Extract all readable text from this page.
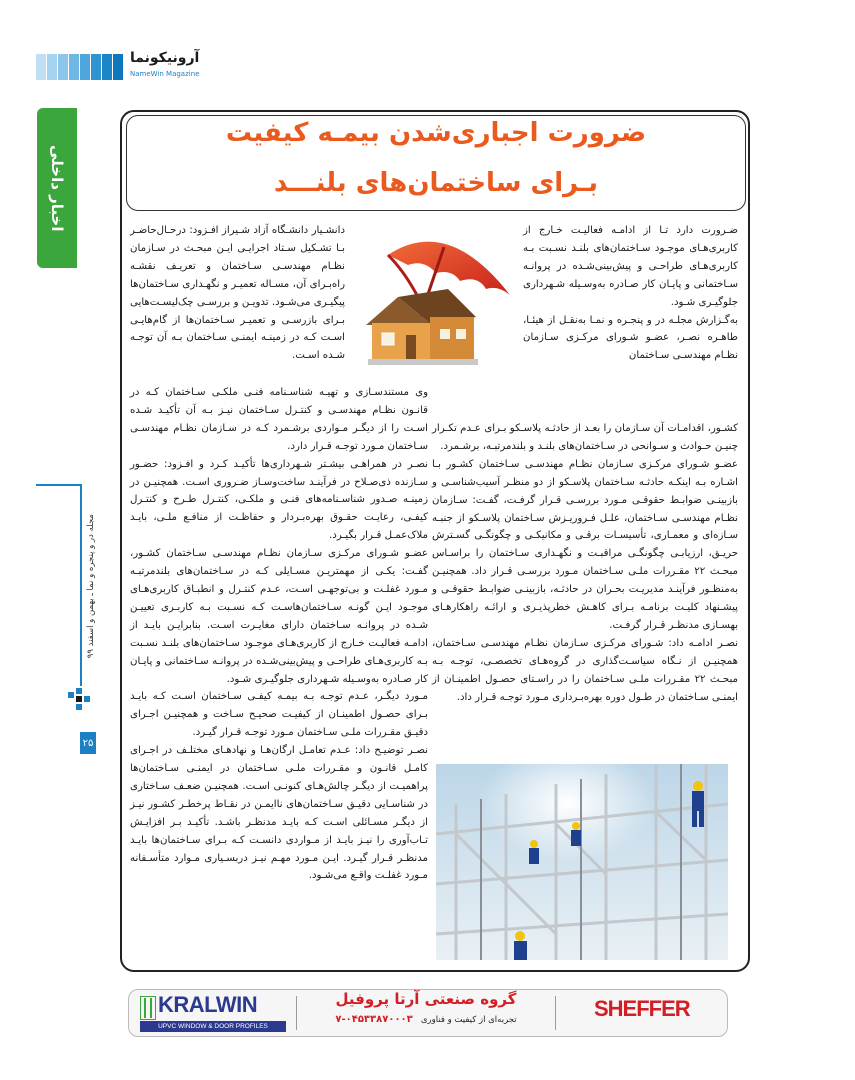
آرونیکونما
NameWin Magazine
اخبار داخلی
مجله در و پنجره و نما ـ بهمن و اسفند ۹۹
۲۵
ضرورت اجباری‌شدن بیمـه کیفیت
بـرای ساختمان‌های بلنـــد

ضـرورت دارد تـا از ادامـه فعالیـت خـارج از کاربری‌هـای موجـود سـاختمان‌های بلنـد نسـبت بـه کاربری‌هـای طراحـی و پیش‌بینی‌شـده در پروانـه سـاختمانی و پایـان کار صـادره به‌وسـیله شـهرداری جلوگیـری شـود.

به‌گـزارش مجلـه در و پنجـره و نمـا به‌نقـل از هیئـا، طاهـره نصـر، عضـو شـورای مرکـزی سـازمان نظـام مهندسـی سـاختمان

کشـور، اقدامـات آن سـازمان را بعـد از حادثـه پلاسـکو بـرای عـدم تکـرار چنیـن حـوادث و سـوانحی در سـاختمان‌های بلنـد و بلندمرتبـه، برشـمرد.

عضـو شـورای مرکـزی سـازمان نظـام مهندسـی سـاختمان کشـور بـا اشـاره بـه اینکـه حادثـه سـاختمان پلاسـکو از دو منظـر آسیب‌شناسـی و بازبینـی ضوابـط حقوقـی مـورد بررسـی قـرار گرفـت، گفـت: سـازمان نظـام مهندسـی سـاختمان، علـل فـروریـزش سـاختمان پلاسـکو از جنبـه سـازه‌ای و معمـاری، تأسیسـات برقـی و مکانیکـی و چگونگـی گسـترش حریـق، ارزیابـی چگونگـی مراقبـت و نگهـداری سـاختمان را براسـاس مبحـث ۲۲ مقـررات ملـی سـاختمان مـورد بررسـی قـرار داد. همچنیـن به‌منظـور فرآینـد مدیریـت بحـران در حادثـه، بازبینـی ضوابـط حقوقـی و پیشـنهاد کلیـت برنامـه بـرای کاهـش خطرپذیـری و ارائـه راهکارهـای بهسـازی مدنظـر قـرار گرفـت.

نصـر ادامـه داد: شـورای مرکـزی سـازمان نظـام مهندسـی سـاختمان، همچنیـن از نـگاه سیاسـت‌گذاری در گروه‌هـای تخصصـی، توجـه بـه مبحـث ۲۲ مقـررات ملـی سـاختمان را در راسـتای حصـول اطمینـان از ایمنـی سـاختمان در طـول دوره بهره‌بـرداری مـورد توجـه قـرار داد.

دانشـیار دانشـگاه آزاد شـیراز افـزود: درحـال‌حاضـر بـا تشـکیل سـتاد اجرایـی ایـن مبحـث در سـازمان نظـام مهندسـی سـاختمان و تعریـف نقشـه راه‌بـرای آن، مسـاله تعمیـر و نگهـداری سـاختمان‌ها پیگیـری می‌شـود. تدویـن و بررسـی چک‌لیسـت‌هایی بـرای بازرسـی و تعمیـر سـاختمان‌ها از گام‌هایـی اسـت کـه در زمینـه ایمنـی سـاختمان بـه آن توجـه شـده اسـت.

وی مستندسـازی و تهیـه شناسـنامه فنـی ملکـی سـاختمان کـه در قانـون نظـام مهندسـی و کنتـرل سـاختمان نیـز بـه آن تأکیـد شـده اسـت را از دیگـر مـواردی برشـمرد کـه در سـازمان نظـام مهندسـی سـاختمان مـورد توجـه قـرار دارد.

نصـر در همراهـی بیشـتر شـهرداری‌ها تأکیـد کـرد و افـزود: حضـور سـازنده ذی‌صـلاح در فرآینـد ساخت‌وسـاز ضـروری اسـت. همچنیـن در زمینـه صـدور شناسـنامه‌های فنـی و ملکـی، کنتـرل طـرح و کنتـرل کیفـی، رعایـت حقـوق بهره‌بـردار و حفاظـت از منافـع ملـی، بایـد ملاک‌عمـل قـرار بگیـرد.

عضـو شـورای مرکـزی سـازمان نظـام مهندسـی سـاختمان کشـور، گفـت: یکـی از مهمتریـن مسـایلی کـه در سـاختمان‌های بلندمرتبـه مـورد غفلـت و بی‌توجهـی اسـت، عـدم کنتـرل و انطبـاق کاربری‌هـای موجـود ایـن گونـه سـاختمان‌هاسـت کـه نسـبت بـه کاربـری تعییـن شـده در پروانـه سـاختمان دارای مغایـرت اسـت. بنابرایـن بایـد از ادامـه فعالیـت خـارج از کاربری‌هـای موجـود سـاختمان‌های بلنـد نسـبت بـه کاربری‌هـای طراحـی و پیش‌بینی‌شـده در پروانـه سـاختمانی و پایـان کار صـادره به‌وسـیله شـهرداری جلوگیـری شـود.

مـورد دیگـر، عـدم توجـه بـه بیمـه کیفـی سـاختمان اسـت کـه بایـد بـرای حصـول اطمینـان از کیفیـت صحیـح سـاخت و همچنیـن اجـرای دقیـق مقـررات ملـی سـاختمان مـورد توجـه قـرار گیـرد.

نصـر توضیـح داد: عـدم تعامـل ارگان‌هـا و نهادهـای مختلـف در اجـرای کامـل قانـون و مقـررات ملـی سـاختمان در ایمنـی سـاختمان‌ها پراهمیـت از دیگـر چالش‌هـای کنونـی اسـت. همچنیـن ضعـف سـاختاری در شناسـایی دقیـق سـاختمان‌های ناایمـن در نقـاط پرخطـر کشـور نیـز از دیگـر مسـائلی اسـت کـه بایـد مدنظـر باشـد. تأکیـد بـر افزایـش تـاب‌آوری را نیـز بایـد از مـواردی دانسـت کـه بـرای سـاختمان‌ها بایـد مدنظـر قـرار گیـرد. ایـن مـورد مهـم نیـز دربسـیاری مـوارد متأسـفانه مـورد غفلـت واقـع می‌شـود.

KRALWIN
UPVC WINDOW & DOOR PROFILES
گروه صنعتی آرتا پروفیل
تجربه‌ای از کیفیت و فناوری   ۰۴۵۳۳۸۷۰۰۰۳-۷	SHEFFER
